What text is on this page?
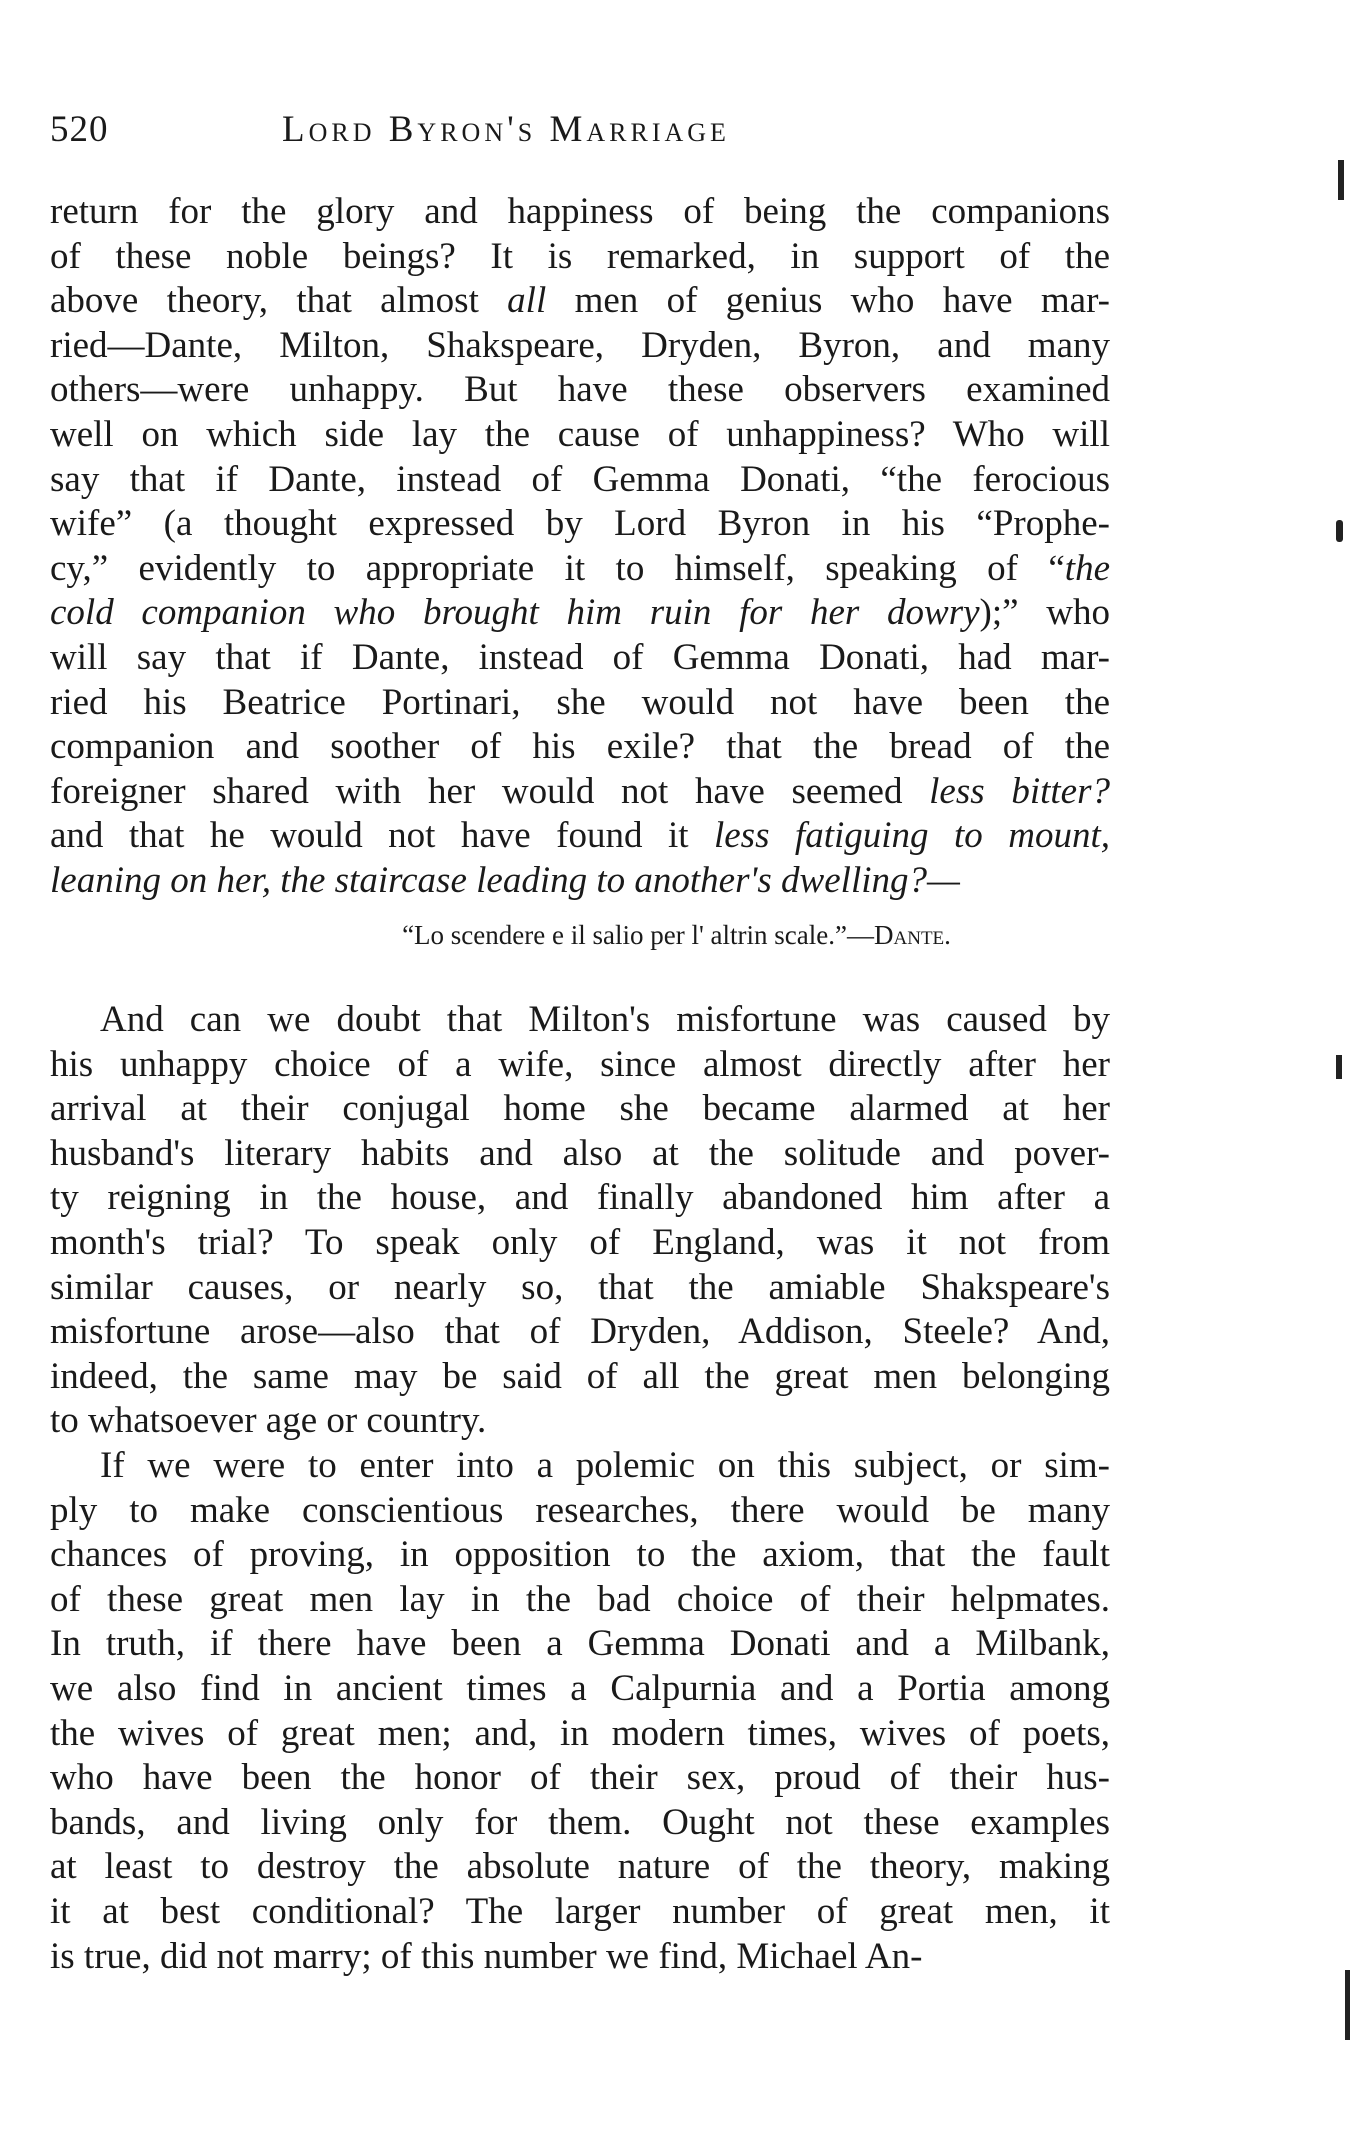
520	Lord Byron's Marriage
return for the glory and happiness of being the companions
of these noble beings? It is remarked, in support of the
above theory, that almost all men of genius who have mar-
ried—Dante, Milton, Shakspeare, Dryden, Byron, and many
others—were unhappy. But have these observers examined
well on which side lay the cause of unhappiness? Who will
say that if Dante, instead of Gemma Donati, “the ferocious
wife” (a thought expressed by Lord Byron in his “Prophe-
cy,” evidently to appropriate it to himself, speaking of “the
cold companion who brought him ruin for her dowry);” who
will say that if Dante, instead of Gemma Donati, had mar-
ried his Beatrice Portinari, she would not have been the
companion and soother of his exile? that the bread of the
foreigner shared with her would not have seemed less bitter?
and that he would not have found it less fatiguing to mount,
leaning on her, the staircase leading to another's dwelling?—
And can we doubt that Milton's misfortune was caused by
his unhappy choice of a wife, since almost directly after her
arrival at their conjugal home she became alarmed at her
husband's literary habits and also at the solitude and pover-
ty reigning in the house, and finally abandoned him after a
month's trial? To speak only of England, was it not from
similar causes, or nearly so, that the amiable Shakspeare's
misfortune arose—also that of Dryden, Addison, Steele? And,
indeed, the same may be said of all the great men belonging
to whatsoever age or country.
If we were to enter into a polemic on this subject, or sim-
ply to make conscientious researches, there would be many
chances of proving, in opposition to the axiom, that the fault
of these great men lay in the bad choice of their helpmates.
In truth, if there have been a Gemma Donati and a Milbank,
we also find in ancient times a Calpurnia and a Portia among
the wives of great men; and, in modern times, wives of poets,
who have been the honor of their sex, proud of their hus-
bands, and living only for them. Ought not these examples
at least to destroy the absolute nature of the theory, making
it at best conditional? The larger number of great men, it
is true, did not marry; of this number we find, Michael An-
“Lo scendere e il salio per l' altrin scale.”—Dante.
